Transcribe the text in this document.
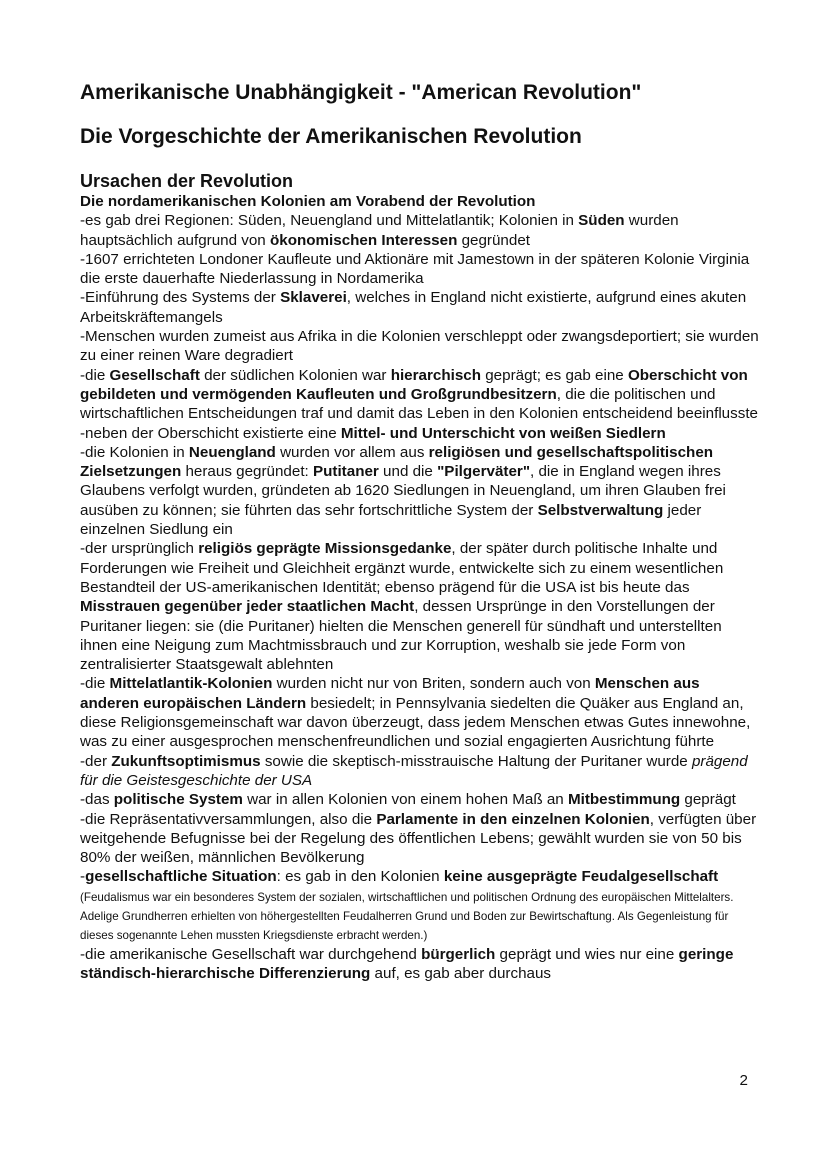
Amerikanische Unabhängigkeit - "American Revolution"
Die Vorgeschichte der Amerikanischen Revolution
Ursachen der Revolution
Die nordamerikanischen Kolonien am Vorabend der Revolution

-es gab drei Regionen: Süden, Neuengland und Mittelatlantik; Kolonien in Süden wurden hauptsächlich aufgrund von ökonomischen Interessen gegründet

-1607 errichteten Londoner Kaufleute und Aktionäre mit Jamestown in der späteren Kolonie Virginia die erste dauerhafte Niederlassung in Nordamerika

-Einführung des Systems der Sklaverei, welches in England nicht existierte, aufgrund eines akuten Arbeitskräftemangels

-Menschen wurden zumeist aus Afrika in die Kolonien verschleppt oder zwangsdeportiert; sie wurden zu einer reinen Ware degradiert

-die Gesellschaft der südlichen Kolonien war hierarchisch geprägt; es gab eine Oberschicht von gebildeten und vermögenden Kaufleuten und Großgrundbesitzern, die die politischen und wirtschaftlichen Entscheidungen traf und damit das Leben in den Kolonien entscheidend beeinflusste

-neben der Oberschicht existierte eine Mittel- und Unterschicht von weißen Siedlern

-die Kolonien in Neuengland wurden vor allem aus religiösen und gesellschaftspolitischen Zielsetzungen heraus gegründet: Putitaner und die "Pilgerväter", die in England wegen ihres Glaubens verfolgt wurden, gründeten ab 1620 Siedlungen in Neuengland, um ihren Glauben frei ausüben zu können; sie führten das sehr fortschrittliche System der Selbstverwaltung jeder einzelnen Siedlung ein

-der ursprünglich religiös geprägte Missionsgedanke, der später durch politische Inhalte und Forderungen wie Freiheit und Gleichheit ergänzt wurde, entwickelte sich zu einem wesentlichen Bestandteil der US-amerikanischen Identität; ebenso prägend für die USA ist bis heute das Misstrauen gegenüber jeder staatlichen Macht, dessen Ursprünge in den Vorstellungen der Puritaner liegen: sie (die Puritaner) hielten die Menschen generell für sündhaft und unterstellten ihnen eine Neigung zum Machtmissbrauch und zur Korruption, weshalb sie jede Form von zentralisierter Staatsgewalt ablehnten

-die Mittelatlantik-Kolonien wurden nicht nur von Briten, sondern auch von Menschen aus anderen europäischen Ländern besiedelt; in Pennsylvania siedelten die Quäker aus England an, diese Religionsgemeinschaft war davon überzeugt, dass jedem Menschen etwas Gutes innewohne, was zu einer ausgesprochen menschenfreundlichen und sozial engagierten Ausrichtung führte

-der Zukunftsoptimismus sowie die skeptisch-misstrauische Haltung der Puritaner wurde prägend für die Geistesgeschichte der USA

-das politische System war in allen Kolonien von einem hohen Maß an Mitbestimmung geprägt

-die Repräsentativversammlungen, also die Parlamente in den einzelnen Kolonien, verfügten über weitgehende Befugnisse bei der Regelung des öffentlichen Lebens; gewählt wurden sie von 50 bis 80% der weißen, männlichen Bevölkerung

-gesellschaftliche Situation: es gab in den Kolonien keine ausgeprägte Feudalgesellschaft (Feudalismus war ein besonderes System der sozialen, wirtschaftlichen und politischen Ordnung des europäischen Mittelalters. Adelige Grundherren erhielten von höhergestellten Feudalherren Grund und Boden zur Bewirtschaftung. Als Gegenleistung für dieses sogenannte Lehen mussten Kriegsdienste erbracht werden.)

-die amerikanische Gesellschaft war durchgehend bürgerlich geprägt und wies nur eine geringe ständisch-hierarchische Differenzierung auf, es gab aber durchaus

2
